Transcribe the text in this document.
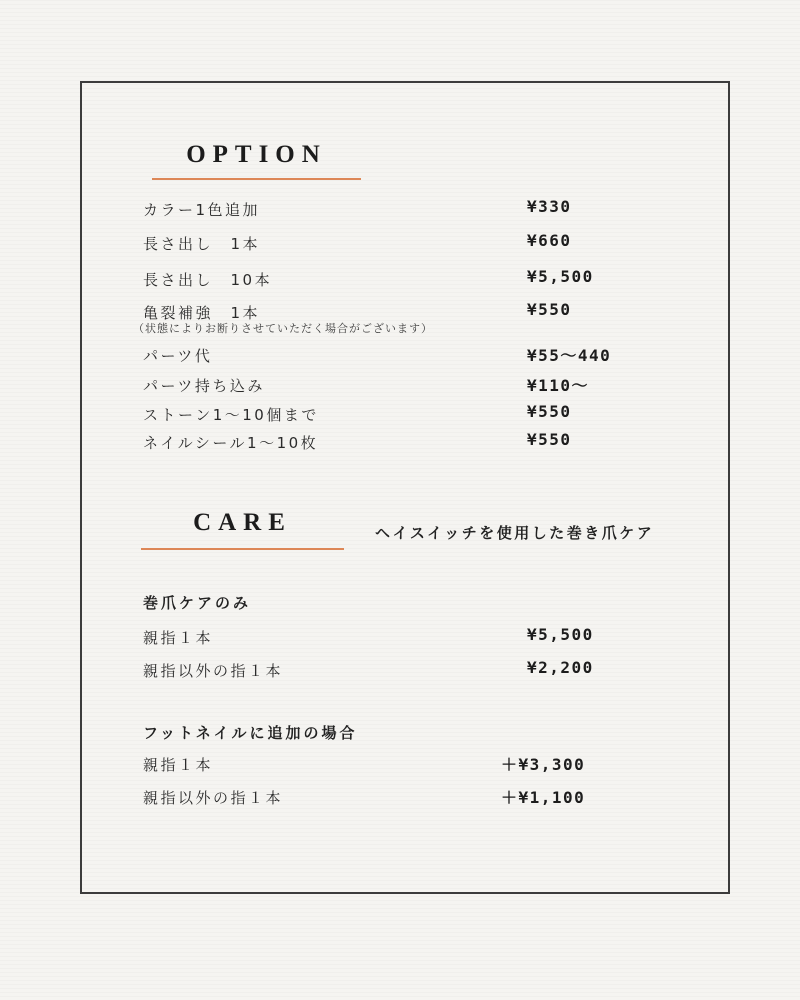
OPTION
カラー1色追加	¥330
長さ出し　1本	¥660
長さ出し　10本	¥5,500
亀裂補強　1本	¥550
（状態によりお断りさせていただく場合がございます）
パーツ代	¥55〜440
パーツ持ち込み	¥110〜
ストーン1〜10個まで	¥550
ネイルシール1〜10枚	¥550
CARE	ヘイスイッチを使用した巻き爪ケア
巻爪ケアのみ
親指１本	¥5,500
親指以外の指１本	¥2,200
フットネイルに追加の場合
親指１本	＋¥3,300
親指以外の指１本	＋¥1,100
